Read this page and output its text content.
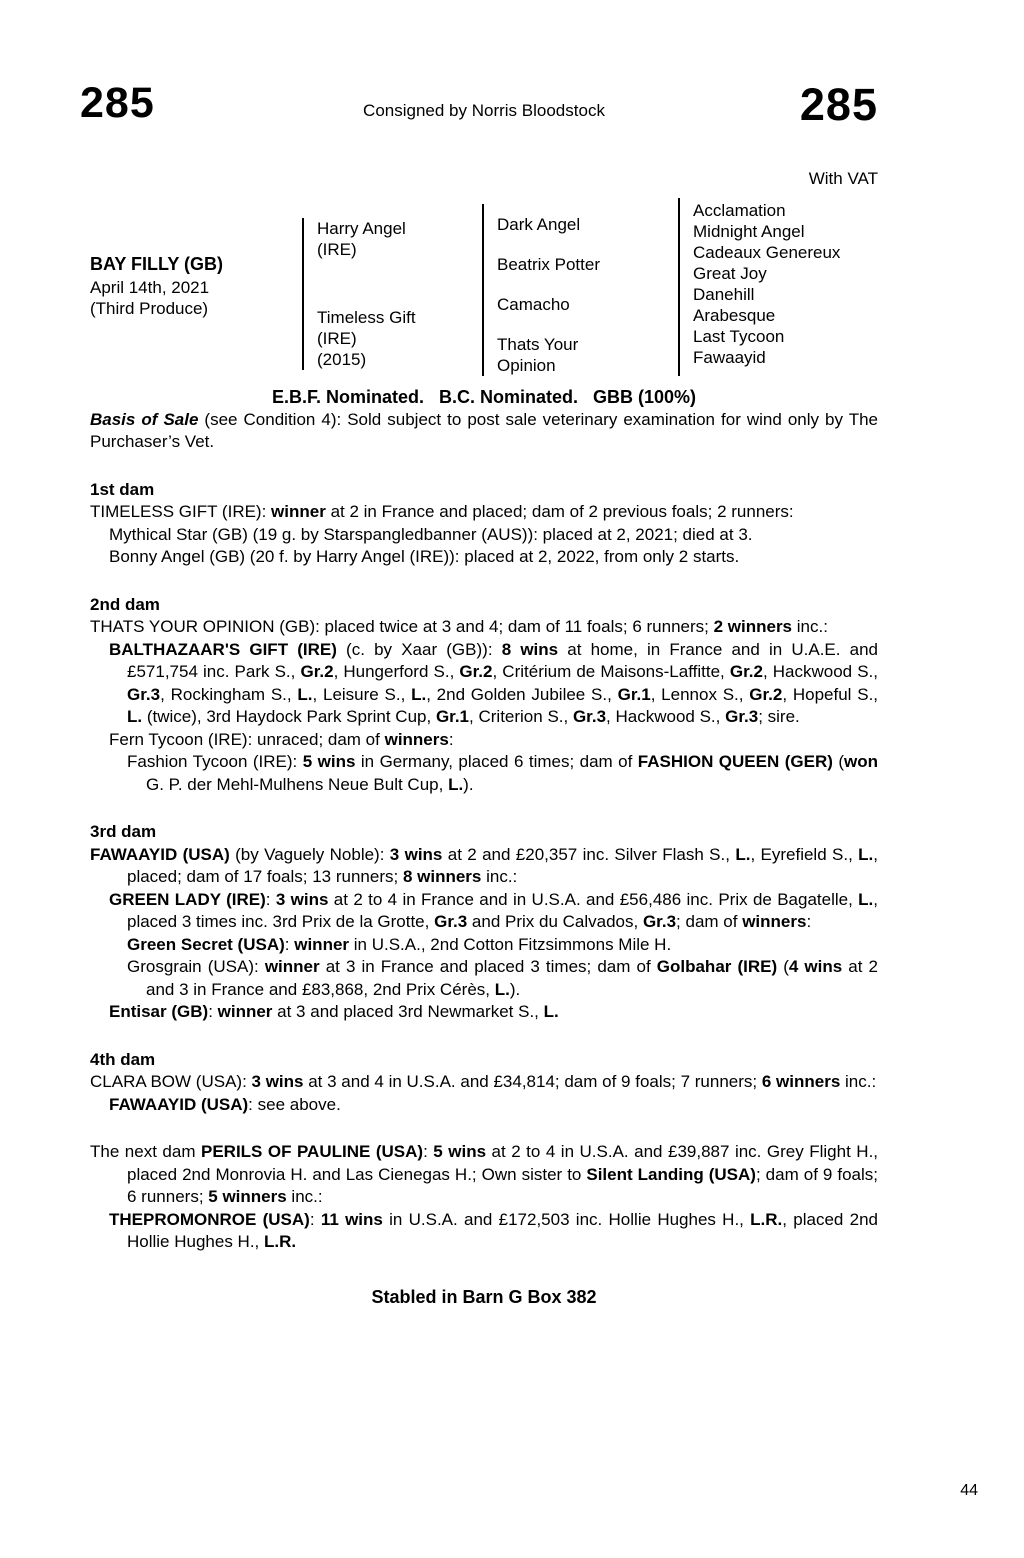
285	Consigned by Norris Bloodstock	285
With VAT
BAY FILLY (GB)
April 14th, 2021
(Third Produce)
Harry Angel
(IRE)
Timeless Gift
(IRE)
(2015)
Dark Angel
Beatrix Potter
Camacho
Thats Your
Opinion
Acclamation
Midnight Angel
Cadeaux Genereux
Great Joy
Danehill
Arabesque
Last Tycoon
Fawaayid
E.B.F. Nominated.   B.C. Nominated.   GBB (100%)

Basis of Sale (see Condition 4): Sold subject to post sale veterinary examination for wind only by The Purchaser’s Vet.

1st dam

TIMELESS GIFT (IRE): winner at 2 in France and placed; dam of 2 previous foals; 2 runners:

Mythical Star (GB) (19 g. by Starspangledbanner (AUS)): placed at 2, 2021; died at 3.

Bonny Angel (GB) (20 f. by Harry Angel (IRE)): placed at 2, 2022, from only 2 starts.

2nd dam

THATS YOUR OPINION (GB): placed twice at 3 and 4; dam of 11 foals; 6 runners; 2 winners inc.:

BALTHAZAAR'S GIFT (IRE) (c. by Xaar (GB)): 8 wins at home, in France and in U.A.E. and £571,754 inc. Park S., Gr.2, Hungerford S., Gr.2, Critérium de Maisons-Laffitte, Gr.2, Hackwood S., Gr.3, Rockingham S., L., Leisure S., L., 2nd Golden Jubilee S., Gr.1, Lennox S., Gr.2, Hopeful S., L. (twice), 3rd Haydock Park Sprint Cup, Gr.1, Criterion S., Gr.3, Hackwood S., Gr.3; sire.

Fern Tycoon (IRE): unraced; dam of winners:

Fashion Tycoon (IRE): 5 wins in Germany, placed 6 times; dam of FASHION QUEEN (GER) (won G. P. der Mehl-Mulhens Neue Bult Cup, L.).

3rd dam

FAWAAYID (USA) (by Vaguely Noble): 3 wins at 2 and £20,357 inc. Silver Flash S., L., Eyrefield S., L., placed; dam of 17 foals; 13 runners; 8 winners inc.:

GREEN LADY (IRE): 3 wins at 2 to 4 in France and in U.S.A. and £56,486 inc. Prix de Bagatelle, L., placed 3 times inc. 3rd Prix de la Grotte, Gr.3 and Prix du Calvados, Gr.3; dam of winners:

Green Secret (USA): winner in U.S.A., 2nd Cotton Fitzsimmons Mile H.

Grosgrain (USA): winner at 3 in France and placed 3 times; dam of Golbahar (IRE) (4 wins at 2 and 3 in France and £83,868, 2nd Prix Cérès, L.).

Entisar (GB): winner at 3 and placed 3rd Newmarket S., L.

4th dam

CLARA BOW (USA): 3 wins at 3 and 4 in U.S.A. and £34,814; dam of 9 foals; 7 runners; 6 winners inc.:

FAWAAYID (USA): see above.

The next dam PERILS OF PAULINE (USA): 5 wins at 2 to 4 in U.S.A. and £39,887 inc. Grey Flight H., placed 2nd Monrovia H. and Las Cienegas H.; Own sister to Silent Landing (USA); dam of 9 foals; 6 runners; 5 winners inc.:

THEPROMONROE (USA): 11 wins in U.S.A. and £172,503 inc. Hollie Hughes H., L.R., placed 2nd Hollie Hughes H., L.R.

Stabled in Barn G Box 382
44
